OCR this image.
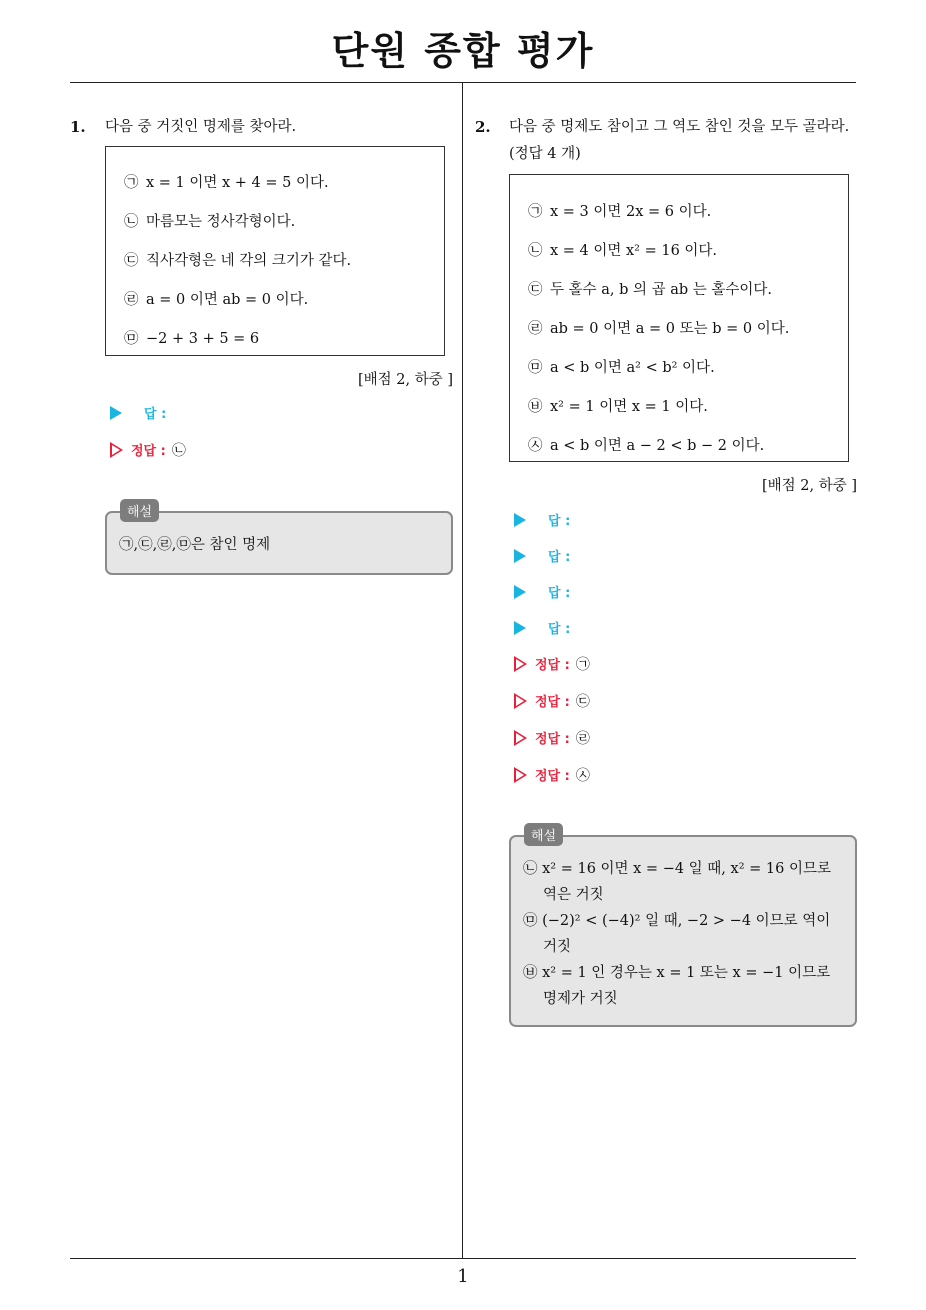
단원 종합 평가
1. 다음 중 거짓인 명제를 찾아라.
㉠ x = 1 이면 x + 4 = 5 이다.
㉡ 마름모는 정사각형이다.
㉢ 직사각형은 네 각의 크기가 같다.
㉣ a = 0 이면 ab = 0 이다.
㉤ −2 + 3 + 5 = 6
[배점 2, 하중 ]
답 :
정답 : ㉡
㉠,㉢,㉣,㉤은 참인 명제
해설
2. 다음 중 명제도 참이고 그 역도 참인 것을 모두 골라라.
(정답 4 개)
㉠ x = 3 이면 2x = 6 이다.
㉡ x = 4 이면 x² = 16 이다.
㉢ 두 홀수 a, b 의 곱 ab 는 홀수이다.
㉣ ab = 0 이면 a = 0 또는 b = 0 이다.
㉤ a < b 이면 a² < b² 이다.
㉥ x² = 1 이면 x = 1 이다.
㉦ a < b 이면 a − 2 < b − 2 이다.
[배점 2, 하중 ]
답 :
답 :
답 :
답 :
정답 : ㉠
정답 : ㉢
정답 : ㉣
정답 : ㉦
㉡ x² = 16 이면 x = −4 일 때, x² = 16 이므로
역은 거짓
㉤ (−2)² < (−4)² 일 때, −2 > −4 이므로 역이
거짓
㉥ x² = 1 인 경우는 x = 1 또는 x = −1 이므로
명제가 거짓
해설
1
